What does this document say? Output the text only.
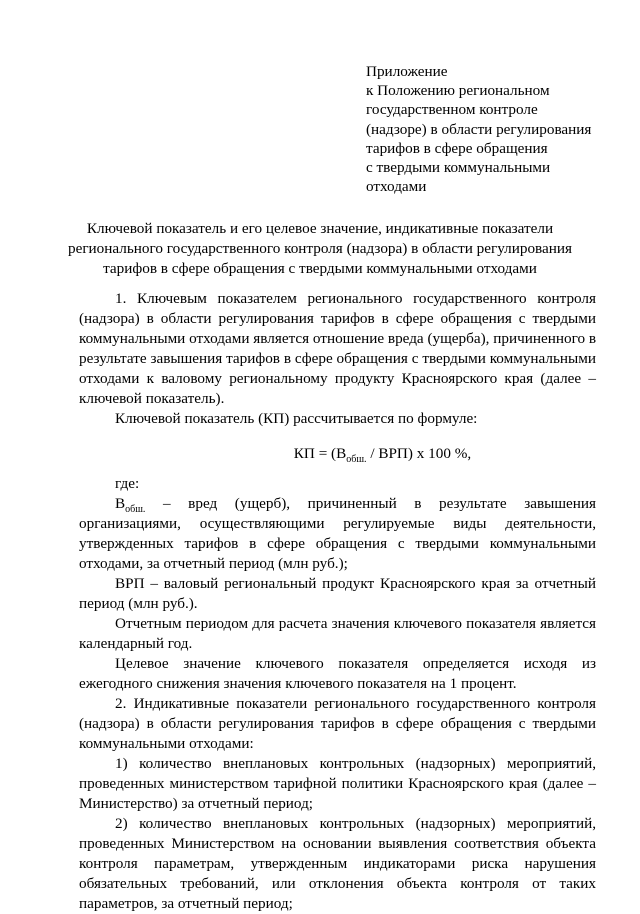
Приложение
к Положению региональном
государственном контроле
(надзоре) в области регулирования
тарифов в сфере обращения
с твердыми коммунальными
отходами
Ключевой показатель и его целевое значение, индикативные показатели
регионального государственного контроля (надзора) в области регулирования
тарифов в сфере обращения с твердыми коммунальными отходами

1. Ключевым показателем регионального государственного контроля (надзора) в области регулирования тарифов в сфере обращения с твердыми коммунальными отходами является отношение вреда (ущерба), причиненного в результате завышения тарифов в сфере обращения с твердыми коммунальными отходами к валовому региональному продукту Красноярского края (далее – ключевой показатель).

Ключевой показатель (КП) рассчитывается по формуле:

КП = $(В_{обш.} / ВРП)$ х 100 %,

где:

$В_{обш.}$ – вред (ущерб), причиненный в результате завышения организациями, осуществляющими регулируемые виды деятельности, утвержденных тарифов в сфере обращения с твердыми коммунальными отходами, за отчетный период (млн руб.);

ВРП – валовый региональный продукт Красноярского края за отчетный период (млн руб.).

Отчетным периодом для расчета значения ключевого показателя является календарный год.

Целевое значение ключевого показателя определяется исходя из ежегодного снижения значения ключевого показателя на 1 процент.

2. Индикативные показатели регионального государственного контроля (надзора) в области регулирования тарифов в сфере обращения с твердыми коммунальными отходами:

1) количество внеплановых контрольных (надзорных) мероприятий, проведенных министерством тарифной политики Красноярского края (далее – Министерство) за отчетный период;

2) количество внеплановых контрольных (надзорных) мероприятий, проведенных Министерством на основании выявления соответствия объекта контроля параметрам, утвержденным индикаторами риска нарушения обязательных требований, или отклонения объекта контроля от таких параметров, за отчетный период;
